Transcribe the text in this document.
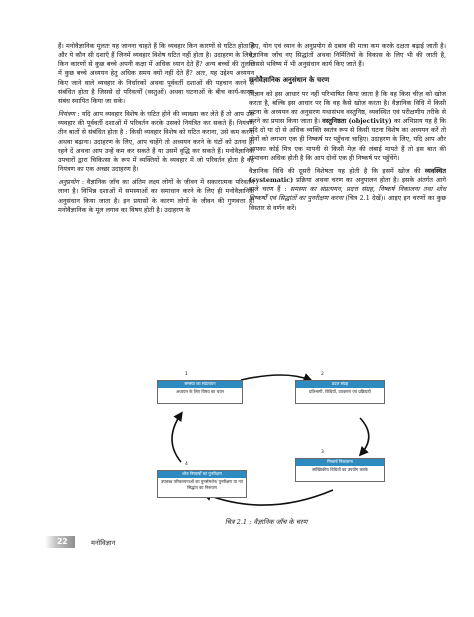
हैं। मनोवैज्ञानिक मूलतः यह जानना चाहते हैं कि व्यवहार किन कारणों से घटित होता है और ये कौन सी दशाएँ हैं जिनमें व्यवहार विशेष घटित नहीं होता है। उदाहरण के लिए, किन कारणों से कुछ बच्चे अपनी कक्षा में अधिक ध्यान देते हैं? अन्य बच्चों की तुलना में कुछ बच्चे अध्ययन हेतु अधिक समय क्यों नहीं देते हैं? अतः, यह उद्देश्य अध्ययन किए जाने वाले व्यवहार के निर्धारकों अथवा पूर्ववर्ती दशाओं की पहचान करने से संबंधित होता है जिससे दो परिवर्त्यों (वस्तुओं) अथवा घटनाओं के बीच कार्य-कारण संबंध स्थापित किया जा सके।

नियंत्रण : यदि आप व्यवहार विशेष के घटित होने की व्याख्या कर लेते हैं तो आप उस व्यवहार की पूर्ववर्ती दशाओं में परिवर्तन करके उसको नियंत्रित कर सकते हैं। नियंत्रण तीन बातों से संबंधित होता है : किसी व्यवहार विशेष को घटित कराना, उसे कम करना अथवा बढ़ाना। उदाहरण के लिए, आप चाहेंगे तो अध्ययन करने के घंटों को उतना ही रहने दें अथवा आप उन्हें कम कर सकते हैं या उसमें वृद्धि कर सकते हैं। मनोवैज्ञानिक उपचारों द्वारा चिकित्सा के रूप में व्यक्तियों के व्यवहार में जो परिवर्तन होता है वह नियंत्रण का एक अच्छा उदाहरण है।

अनुप्रयोग : वैज्ञानिक जाँच का अंतिम लक्ष्य लोगों के जीवन में सकारात्मक परिवर्तन लाना है। विभिन्न दशाओं में समस्याओं का समाधान करने के लिए ही मनोवैज्ञानिक अनुसंधान किया जाता है। इन प्रयासों के कारण लोगों के जीवन की गुणवत्ता ही मनोवैज्ञानिक के मूल लगाव का विषय होती है। उदाहरण के

लिए, योग एवं ध्यान के अनुप्रयोग से दबाव की मात्रा कम करके दक्षता बढ़ाई जाती है। वैज्ञानिक जाँच नए सिद्धांतों अथवा निर्मितियों के विकास के लिए भी की जाती है, जिससे भविष्य में भी अनुसंधान कार्य किए जाते हैं।

मनोवैज्ञानिक अनुसंधान के चरण

विज्ञान को इस आधार पर नहीं परिभाषित किया जाता है कि वह किस चीज़ को खोज करता है, बल्कि इस आधार पर कि वह कैसे खोज करता है। वैज्ञानिक विधि में किसी घटना के अध्ययन का अनुसरण यथासंभव वस्तुनिष्ठ, व्यवस्थित एवं परीक्षणीय तरीके से करने का प्रयास किया जाता है। वस्तुनिष्ठता (objectivity) का अभिप्राय यह है कि यदि दो या दो से अधिक व्यक्ति स्वतंत्र रूप से किसी घटना विशेष का अध्ययन करें तो दोनों को लगभग एक ही निष्कर्ष पर पहुँचना चाहिए। उदाहरण के लिए, यदि आप और आपका कोई मित्र एक मापनी से किसी मेज़ की लंबाई मापते हैं तो इस बात की संभावना अधिक होती है कि आप दोनों एक ही निष्कर्ष पर पहुँचेंगे।

वैज्ञानिक विधि की दूसरी विशेषता यह होती है कि इसमें खोज की व्यवस्थित (systematic) प्रक्रिया अथवा चरण का अनुपालन होता है। इसके अंतर्गत आगे वाले चरण हैं : समस्या का संप्रत्ययन, प्रदत्त संग्रह, निष्कर्ष निकालना तथा शोध निष्कर्षों एवं सिद्धांतों का पुनरीक्षण करना (चित्र 2.1 देखें)। आइए इन चरणों का कुछ विस्तार से वर्णन करें।

1
समस्या का संप्रत्ययन
अध्ययन के लिए विषय का चयन
2
प्रदत्त संग्रह
प्रतिभागी, विधियाँ, उपकरण एवं प्रक्रियाएँ
3
निष्कर्ष निकालना
सांख्यिकीय विधियों का उपयोग करके
4
शोध निष्कर्षों का पुनरीक्षण
उपलब्ध परिकल्पनाओं का पुनर्समर्थन/ पुनरीक्षण या नए सिद्धांत का निरूपण
चित्र 2.1 : वैज्ञानिक जाँच के चरण
22	मनोविज्ञान
